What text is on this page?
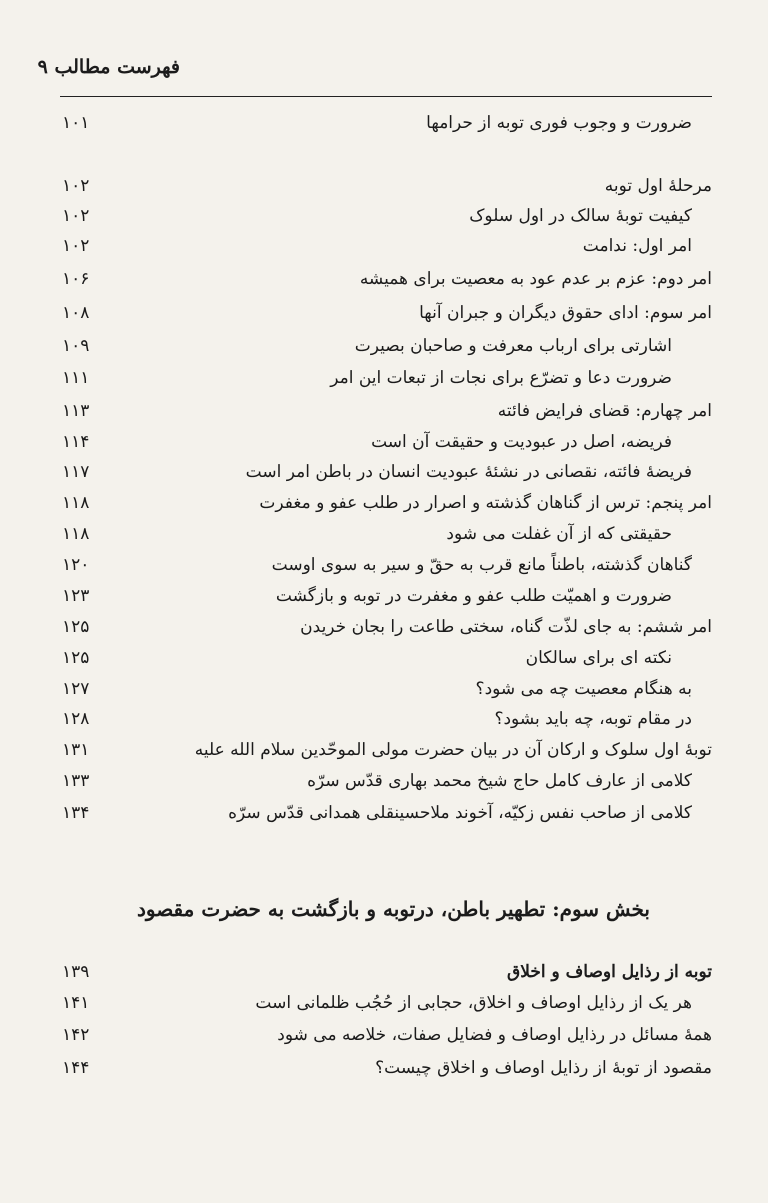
فهرست مطالب ۹
ضرورت و وجوب فوری توبه از حرامها
۱۰۱
مرحلهٔ اول توبه
۱۰۲
کیفیت توبهٔ سالک در اول سلوک
۱۰۲
امر اول: ندامت
۱۰۲
امر دوم: عزم بر عدم عود به معصیت برای همیشه
۱۰۶
امر سوم: ادای حقوق دیگران و جبران آنها
۱۰۸
اشارتی برای ارباب معرفت و صاحبان بصیرت
۱۰۹
ضرورت دعا و تضرّع برای نجات از تبعات این امر
۱۱۱
امر چهارم: قضای فرایض فائته
۱۱۳
فریضه، اصل در عبودیت و حقیقت آن است
۱۱۴
فریضهٔ فائته، نقصانی در نشئهٔ عبودیت انسان در باطن امر است
۱۱۷
امر پنجم: ترس از گناهان گذشته و اصرار در طلب عفو و مغفرت
۱۱۸
حقیقتی که از آن غفلت می شود
۱۱۸
گناهان گذشته، باطناً مانع قرب به حقّ و سیر به سوی اوست
۱۲۰
ضرورت و اهمیّت طلب عفو و مغفرت در توبه و بازگشت
۱۲۳
امر ششم: به جای لذّت گناه، سختی طاعت را بجان خریدن
۱۲۵
نکته ای برای سالکان
۱۲۵
به هنگام معصیت چه می شود؟
۱۲۷
در مقام توبه، چه باید بشود؟
۱۲۸
توبهٔ اول سلوک و ارکان آن در بیان حضرت مولی الموحّدین سلام الله علیه
۱۳۱
کلامی از عارف کامل حاج شیخ محمد بهاری قدّس سرّه
۱۳۳
کلامی از صاحب نفس زکیّه، آخوند ملاحسینقلی همدانی قدّس سرّه
۱۳۴
بخش سوم: تطهیر باطن، درتوبه و بازگشت به حضرت مقصود
توبه از رذایل اوصاف و اخلاق
۱۳۹
هر یک از رذایل اوصاف و اخلاق، حجابی از حُجُب ظلمانی است
۱۴۱
همهٔ مسائل در رذایل اوصاف و فضایل صفات، خلاصه می شود
۱۴۲
مقصود از توبهٔ از رذایل اوصاف و اخلاق چیست؟
۱۴۴
